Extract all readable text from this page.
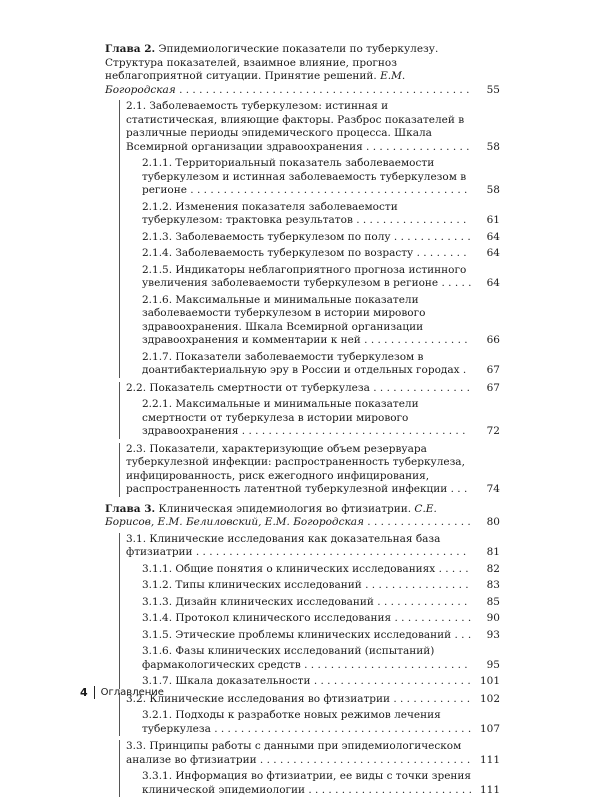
Глава 2. Эпидемиологические показатели по туберкулезу. Структура показателей, взаимное влияние, прогноз неблагоприятной ситуации. Принятие решений. Е.М. Богородская . . . . . . . . . . . . . . . . . . . . . . . . . . . . . . . . . . . . . . . . . . . .	55
2.1. Заболеваемость туберкулезом: истинная и статистическая, влияющие факторы. Разброс показателей в различные периоды эпидемического процесса. Шкала Всемирной организации здравоохранения . . . . . . . . . . . . . . . .	58
2.1.1. Территориальный показатель заболеваемости туберкулезом и истинная заболеваемость туберкулезом в регионе . . . . . . . . . . . . . . . . . . . . . . . . . . . . . . . . . . . . . . . . . .	58
2.1.2. Изменения показателя заболеваемости туберкулезом: трактовка результатов . . . . . . . . . . . . . . . . .	61
2.1.3. Заболеваемость туберкулезом по полу . . . . . . . . . . . .	64
2.1.4. Заболеваемость туберкулезом по возрасту . . . . . . . .	64
2.1.5. Индикаторы неблагоприятного прогноза истинного увеличения заболеваемости туберкулезом в регионе . . . . .	64
2.1.6. Максимальные и минимальные показатели заболеваемости туберкулезом в истории мирового здравоохранения. Шкала Всемирной организации здравоохранения и комментарии к ней . . . . . . . . . . . . . . . .	66
2.1.7. Показатели заболеваемости туберкулезом в доантибактериальную эру в России и отдельных городах .	67
2.2. Показатель смертности от туберкулеза . . . . . . . . . . . . . . .	67
2.2.1. Максимальные и минимальные показатели смертности от туберкулеза в истории мирового здравоохранения . . . . . . . . . . . . . . . . . . . . . . . . . . . . . . . . . .	72
2.3. Показатели, характеризующие объем резервуара туберкулезной инфекции: распространенность туберкулеза, инфицированность, риск ежегодного инфицирования, распространенность латентной туберкулезной инфекции . . .	74
Глава 3. Клиническая эпидемиология во фтизиатрии. С.Е. Борисов, Е.М. Белиловский, Е.М. Богородская . . . . . . . . . . . . . . . .	80
3.1. Клинические исследования как доказательная база фтизиатрии . . . . . . . . . . . . . . . . . . . . . . . . . . . . . . . . . . . . . . . . .	81
3.1.1. Общие понятия о клинических исследованиях . . . . .	82
3.1.2. Типы клинических исследований . . . . . . . . . . . . . . . .	83
3.1.3. Дизайн клинических исследований . . . . . . . . . . . . . .	85
3.1.4. Протокол клинического исследования . . . . . . . . . . . .	90
3.1.5. Этические проблемы клинических исследований . . .	93
3.1.6. Фазы клинических исследований (испытаний) фармакологических средств . . . . . . . . . . . . . . . . . . . . . . . . .	95
3.1.7. Шкала доказательности . . . . . . . . . . . . . . . . . . . . . . . . 101
3.2. Клинические исследования во фтизиатрии . . . . . . . . . . . . 102
3.2.1. Подходы к разработке новых режимов лечения туберкулеза . . . . . . . . . . . . . . . . . . . . . . . . . . . . . . . . . . . . . . . 107
3.3. Принципы работы с данными при эпидемиологическом анализе во фтизиатрии . . . . . . . . . . . . . . . . . . . . . . . . . . . . . . . . 111
3.3.1. Информация во фтизиатрии, ее виды с точки зрения клинической эпидемиологии . . . . . . . . . . . . . . . . . . . . . . . . . 111
4	Оглавление
